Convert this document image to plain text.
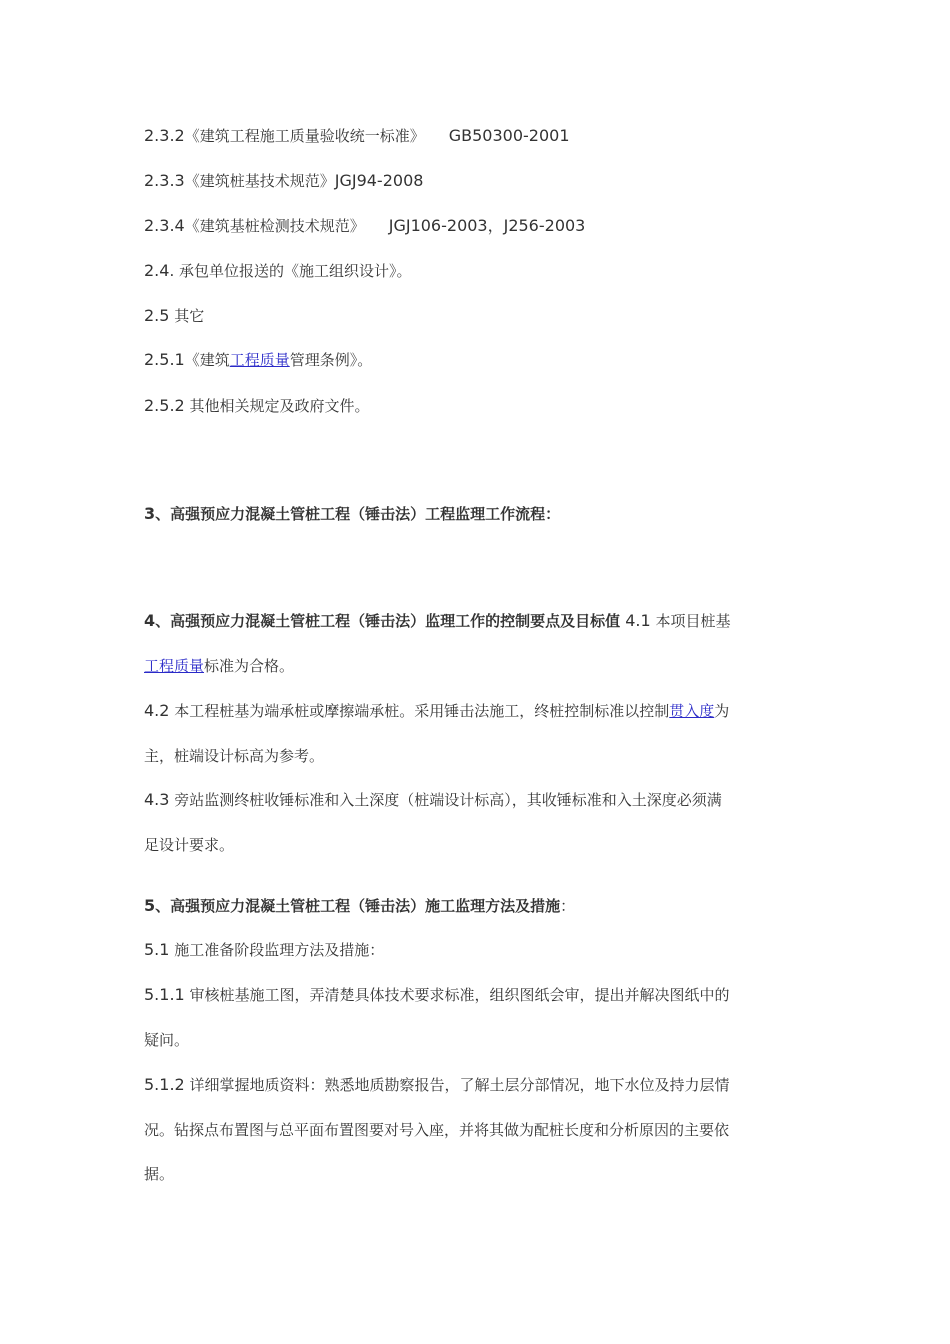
2.3.2《建筑工程施工质量验收统一标准》 GB50300-2001
2.3.3《建筑桩基技术规范》JGJ94-2008
2.3.4《建筑基桩检测技术规范》 JGJ106-2003，J256-2003
2.4. 承包单位报送的《施工组织设计》。
2.5 其它
2.5.1《建筑工程质量管理条例》。
2.5.2 其他相关规定及政府文件。
3、高强预应力混凝土管桩工程（锤击法）工程监理工作流程：
4、高强预应力混凝土管桩工程（锤击法）监理工作的控制要点及目标值 4.1 本项目桩基
工程质量标准为合格。
4.2 本工程桩基为端承桩或摩擦端承桩。采用锤击法施工，终桩控制标准以控制贯入度为
主，桩端设计标高为参考。
4.3 旁站监测终桩收锤标准和入土深度（桩端设计标高），其收锤标准和入土深度必须满
足设计要求。
5、高强预应力混凝土管桩工程（锤击法）施工监理方法及措施：
5.1 施工准备阶段监理方法及措施：
5.1.1 审核桩基施工图，弄清楚具体技术要求标准，组织图纸会审，提出并解决图纸中的
疑问。
5.1.2 详细掌握地质资料：熟悉地质勘察报告，了解土层分部情况，地下水位及持力层情
况。钻探点布置图与总平面布置图要对号入座，并将其做为配桩长度和分析原因的主要依
据。
